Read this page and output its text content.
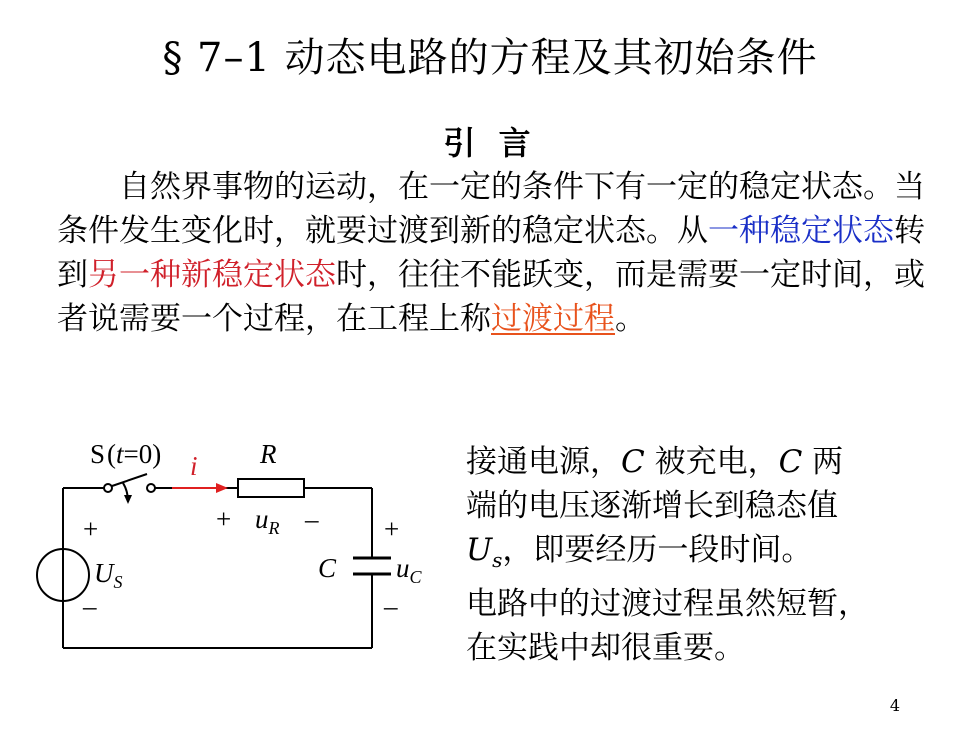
§ 7–1 动态电路的方程及其初始条件
引 言

自然界事物的运动，在一定的条件下有一定的稳定状态。当条件发生变化时，就要过渡到新的稳定状态。从一种稳定状态转到另一种新稳定状态时，往往不能跃变，而是需要一定时间，或者说需要一个过程，在工程上称过渡过程。

S(t=0) i R
+ $u_R$ –
+
–
$U_S$	C $u_C$
+
–
接通电源，C 被充电，C 两
端的电压逐渐增长到稳态值
$U_s$，即要经历一段时间。
电路中的过渡过程虽然短暂，
在实践中却很重要。
4
